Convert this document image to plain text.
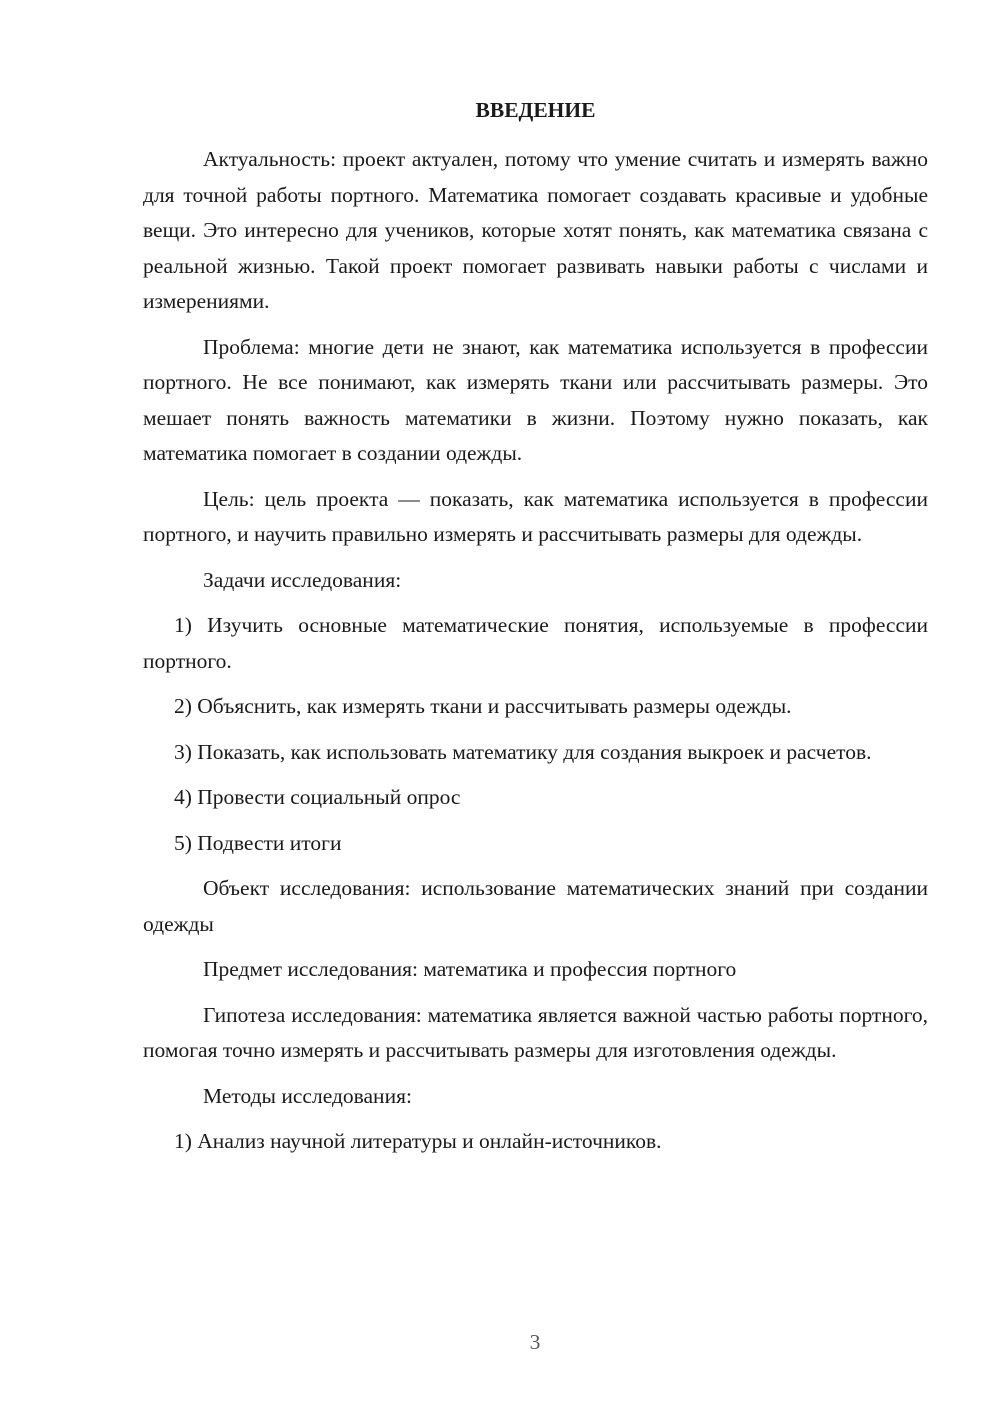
ВВЕДЕНИЕ

Актуальность: проект актуален, потому что умение считать и измерять важно для точной работы портного. Математика помогает создавать красивые и удобные вещи. Это интересно для учеников, которые хотят понять, как математика связана с реальной жизнью. Такой проект помогает развивать навыки работы с числами и измерениями.

Проблема: многие дети не знают, как математика используется в профессии портного. Не все понимают, как измерять ткани или рассчитывать размеры. Это мешает понять важность математики в жизни. Поэтому нужно показать, как математика помогает в создании одежды.

Цель: цель проекта — показать, как математика используется в профессии портного, и научить правильно измерять и рассчитывать размеры для одежды.

Задачи исследования:

1) Изучить основные математические понятия, используемые в профессии портного.

2) Объяснить, как измерять ткани и рассчитывать размеры одежды.

3) Показать, как использовать математику для создания выкроек и расчетов.

4) Провести социальный опрос

5) Подвести итоги

Объект исследования: использование математических знаний при создании одежды

Предмет исследования: математика и профессия портного

Гипотеза исследования: математика является важной частью работы портного, помогая точно измерять и рассчитывать размеры для изготовления одежды.

Методы исследования:

1) Анализ научной литературы и онлайн-источников.

3
